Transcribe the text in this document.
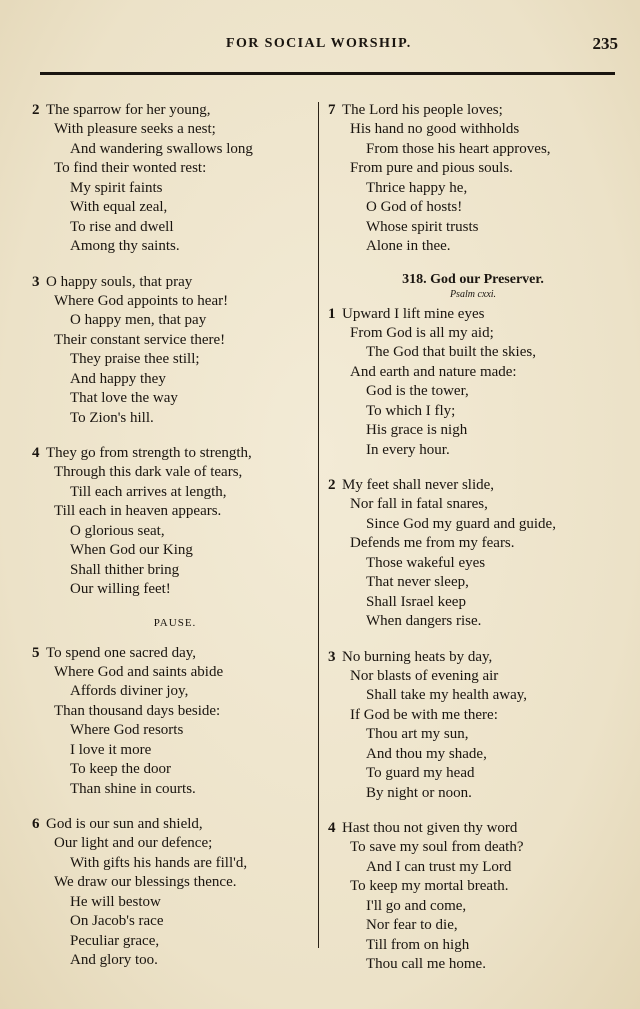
FOR SOCIAL WORSHIP.	235
2 The sparrow for her young,
With pleasure seeks a nest;
And wandering swallows long
To find their wonted rest:
My spirit faints
With equal zeal,
To rise and dwell
Among thy saints.
3 O happy souls, that pray
Where God appoints to hear!
O happy men, that pay
Their constant service there!
They praise thee still;
And happy they
That love the way
To Zion's hill.
4 They go from strength to strength,
Through this dark vale of tears,
Till each arrives at length,
Till each in heaven appears.
O glorious seat,
When God our King
Shall thither bring
Our willing feet!
PAUSE.
5 To spend one sacred day,
Where God and saints abide
Affords diviner joy,
Than thousand days beside:
Where God resorts
I love it more
To keep the door
Than shine in courts.
6 God is our sun and shield,
Our light and our defence;
With gifts his hands are fill'd,
We draw our blessings thence.
He will bestow
On Jacob's race
Peculiar grace,
And glory too.
7 The Lord his people loves;
His hand no good withholds
From those his heart approves,
From pure and pious souls.
Thrice happy he,
O God of hosts!
Whose spirit trusts
Alone in thee.
318. God our Preserver.
Psalm cxxi.
1 Upward I lift mine eyes
From God is all my aid;
The God that built the skies,
And earth and nature made:
God is the tower,
To which I fly;
His grace is nigh
In every hour.
2 My feet shall never slide,
Nor fall in fatal snares,
Since God my guard and guide,
Defends me from my fears.
Those wakeful eyes
That never sleep,
Shall Israel keep
When dangers rise.
3 No burning heats by day,
Nor blasts of evening air
Shall take my health away,
If God be with me there:
Thou art my sun,
And thou my shade,
To guard my head
By night or noon.
4 Hast thou not given thy word
To save my soul from death?
And I can trust my Lord
To keep my mortal breath.
I'll go and come,
Nor fear to die,
Till from on high
Thou call me home.
